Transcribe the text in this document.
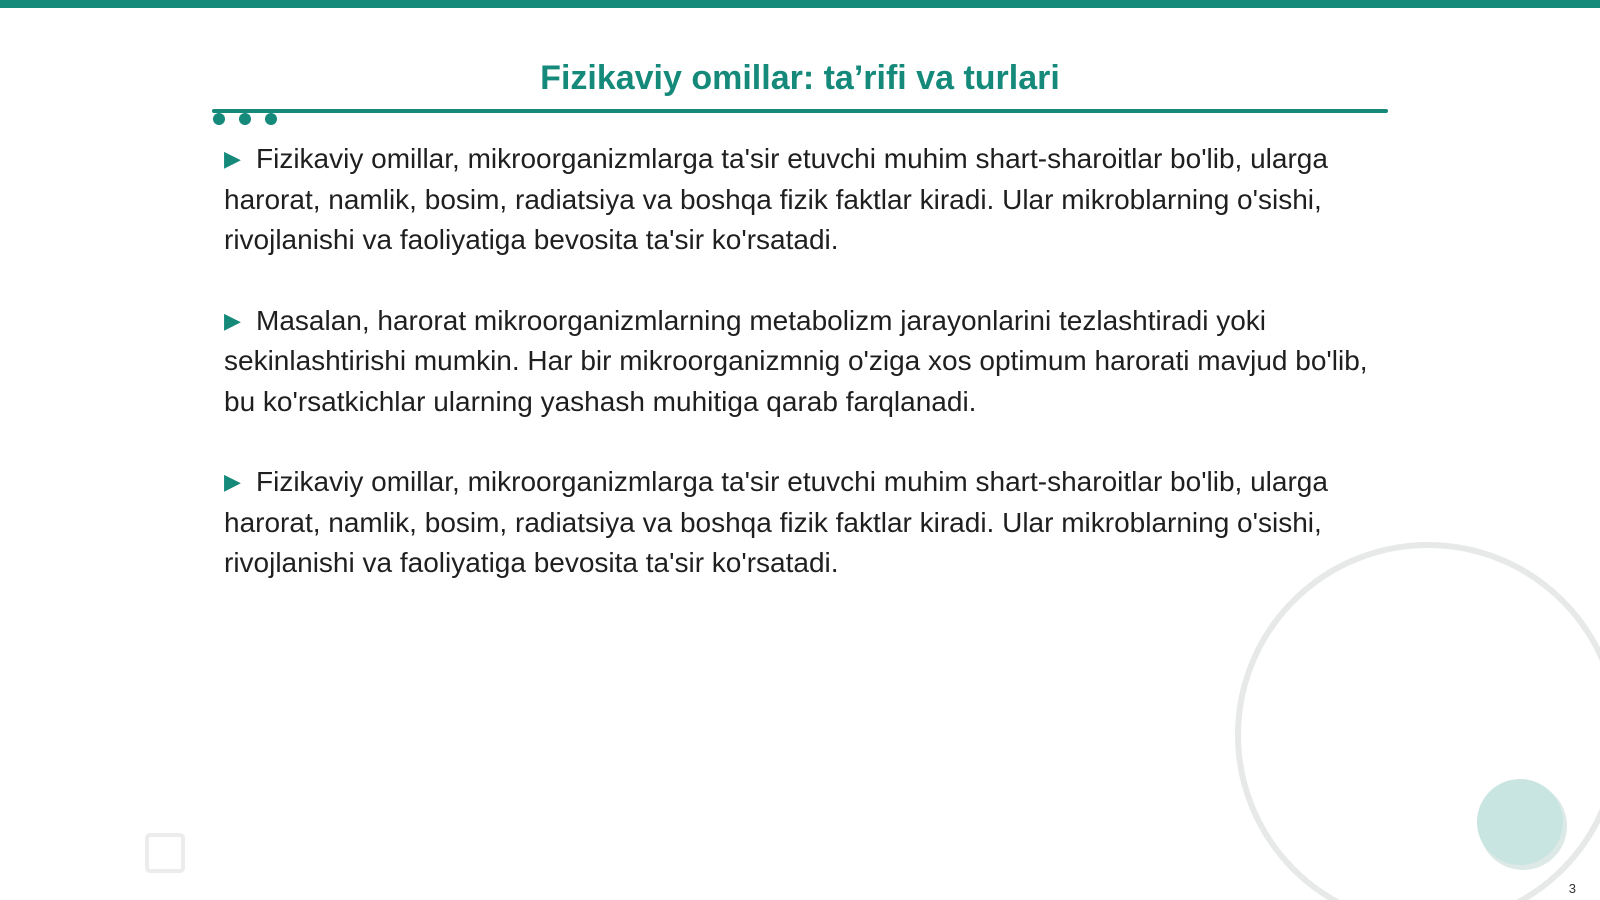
Fizikaviy omillar: ta’rifi va turlari

▶ Fizikaviy omillar, mikroorganizmlarga ta'sir etuvchi muhim shart-sharoitlar bo'lib, ularga harorat, namlik, bosim, radiatsiya va boshqa fizik faktlar kiradi. Ular mikroblarning o'sishi, rivojlanishi va faoliyatiga bevosita ta'sir ko'rsatadi.

▶ Masalan, harorat mikroorganizmlarning metabolizm jarayonlarini tezlashtiradi yoki sekinlashtirishi mumkin. Har bir mikroorganizmnig o'ziga xos optimum harorati mavjud bo'lib, bu ko'rsatkichlar ularning yashash muhitiga qarab farqlanadi.

▶ Fizikaviy omillar, mikroorganizmlarga ta'sir etuvchi muhim shart-sharoitlar bo'lib, ularga harorat, namlik, bosim, radiatsiya va boshqa fizik faktlar kiradi. Ular mikroblarning o'sishi, rivojlanishi va faoliyatiga bevosita ta'sir ko'rsatadi.

3
